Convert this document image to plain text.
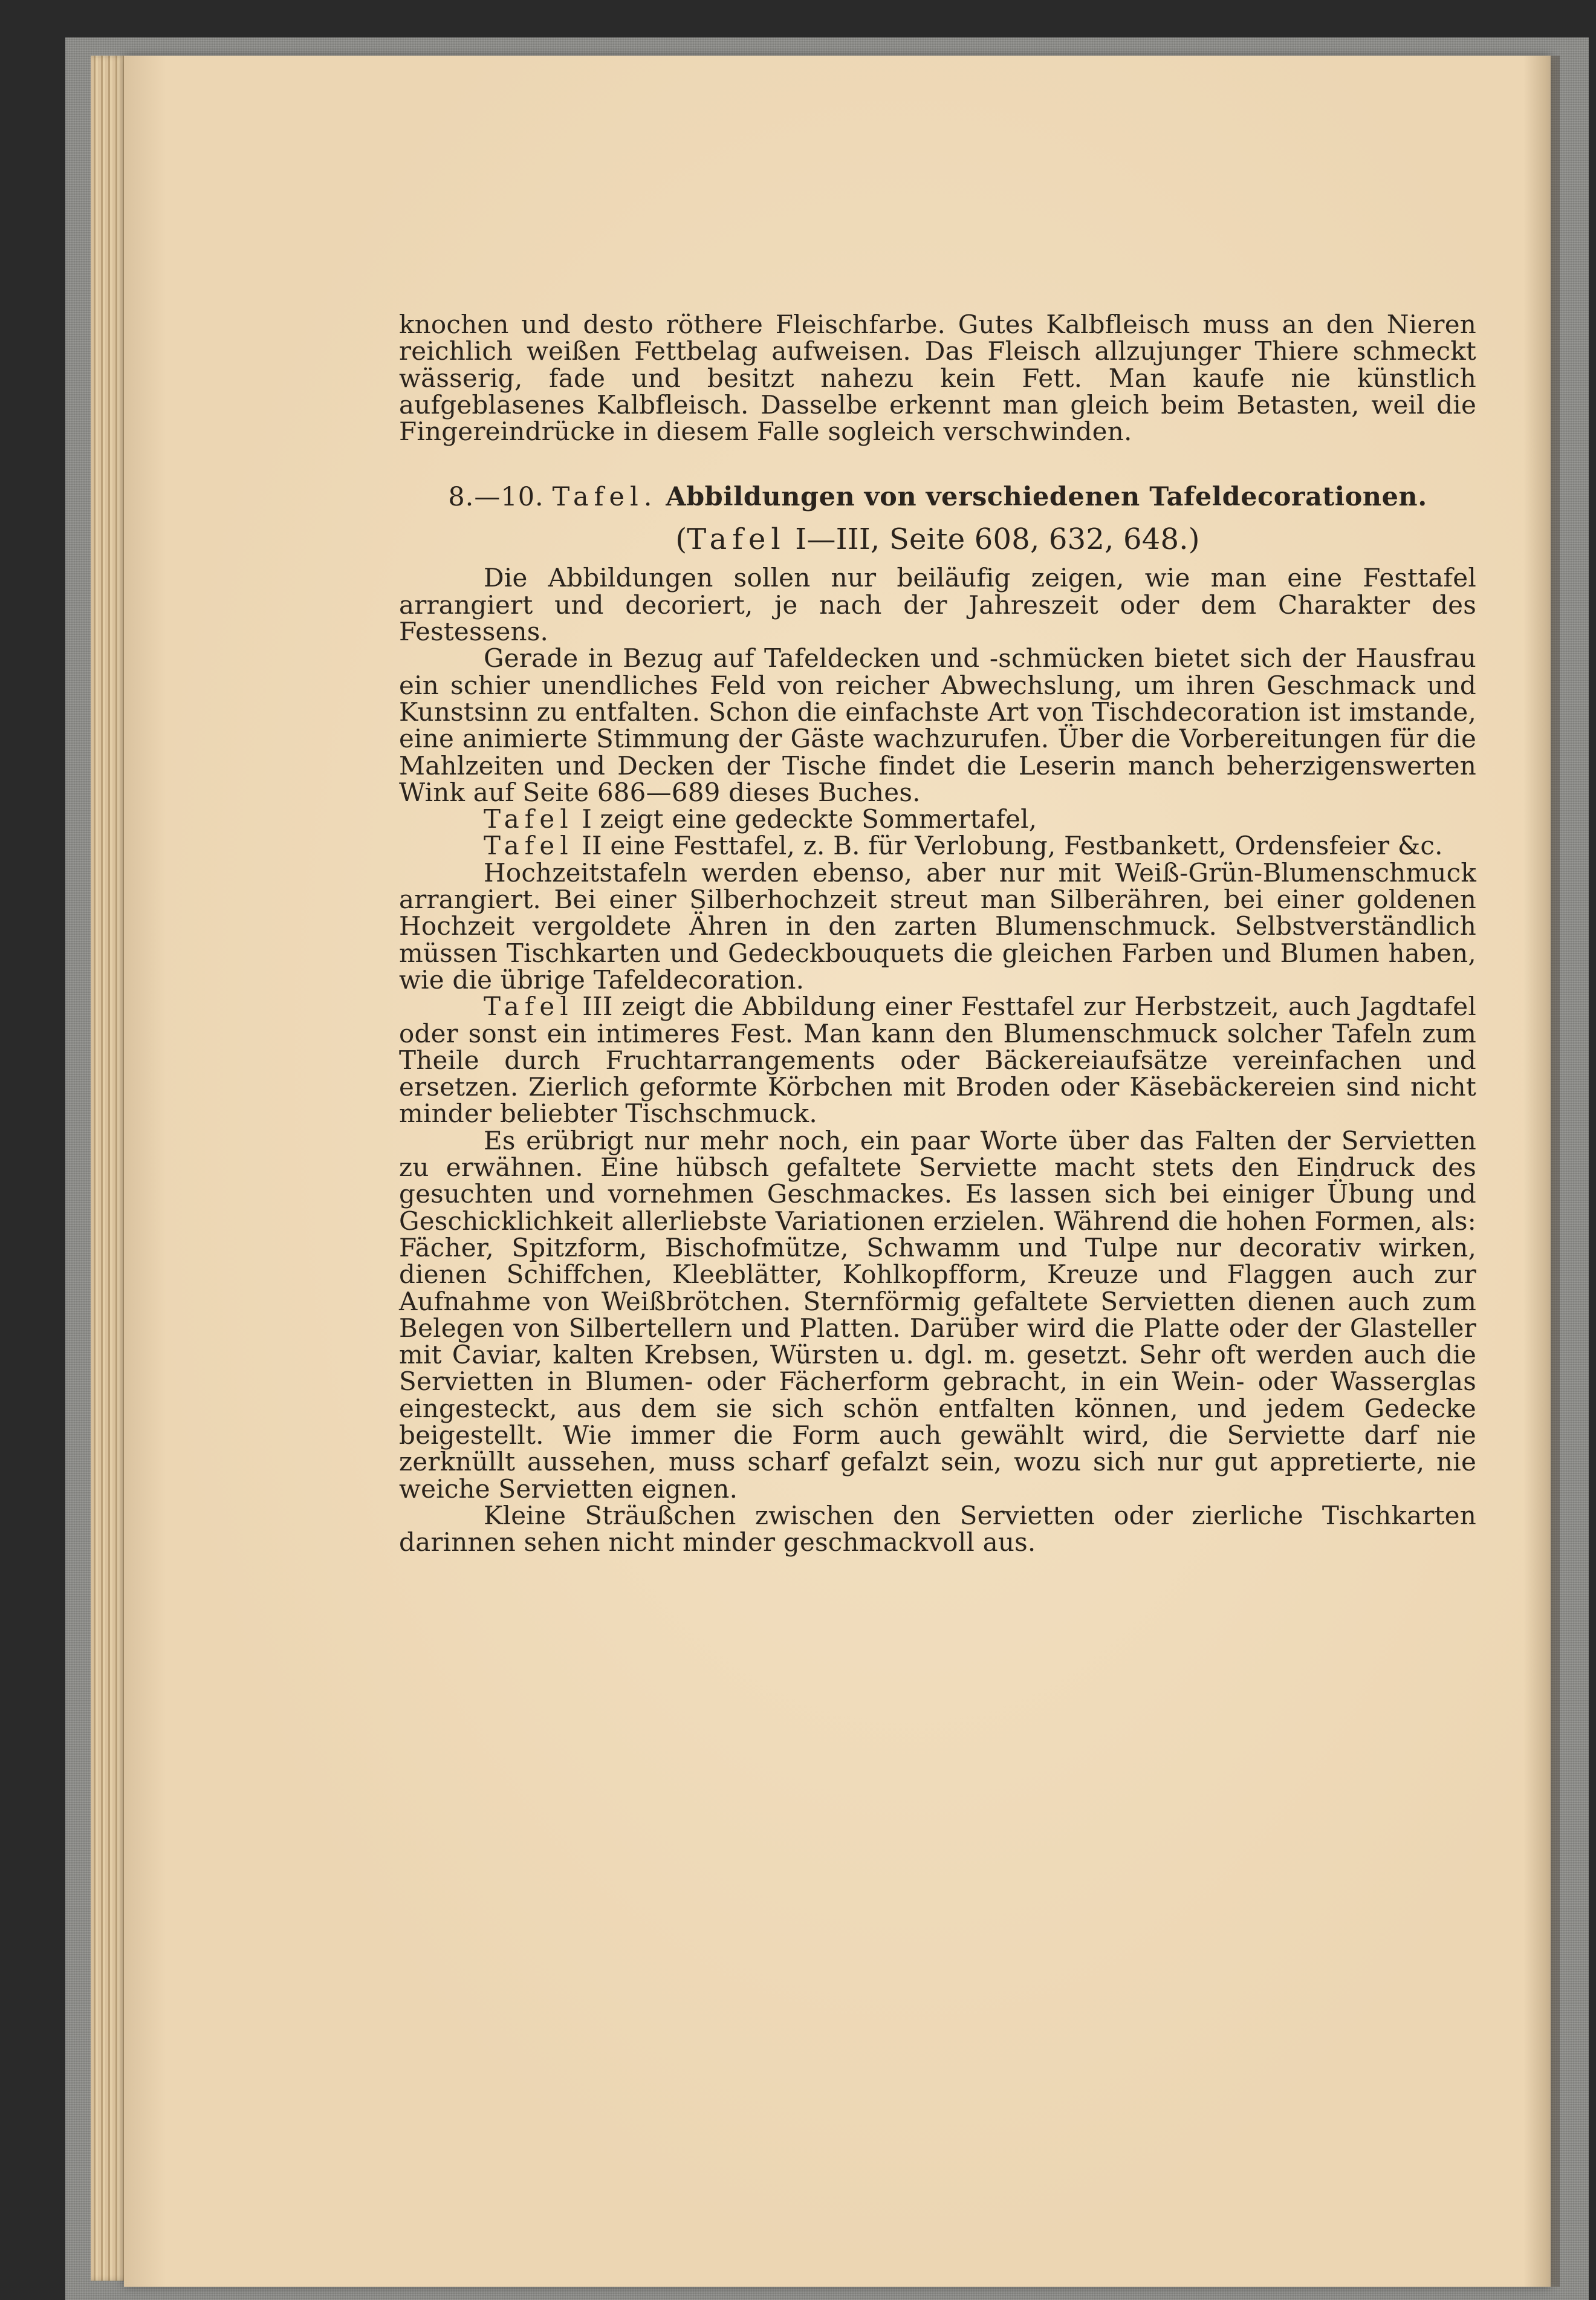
knochen und desto röthere Fleischfarbe. Gutes Kalbfleisch muss an den Nieren reichlich weißen Fettbelag aufweisen. Das Fleisch allzujunger Thiere schmeckt wässerig, fade und besitzt nahezu kein Fett. Man kaufe nie künstlich aufgeblasenes Kalbfleisch. Dasselbe erkennt man gleich beim Betasten, weil die Fingereindrücke in diesem Falle sogleich verschwinden.

8.—10. Tafel. Abbildungen von verschiedenen Tafeldecorationen.
(Tafel I—III, Seite 608, 632, 648.)

Die Abbildungen sollen nur beiläufig zeigen, wie man eine Festtafel arrangiert und decoriert, je nach der Jahreszeit oder dem Charakter des Festessens.

Gerade in Bezug auf Tafeldecken und -schmücken bietet sich der Hausfrau ein schier unendliches Feld von reicher Abwechslung, um ihren Geschmack und Kunstsinn zu entfalten. Schon die einfachste Art von Tischdecoration ist imstande, eine animierte Stimmung der Gäste wachzurufen. Über die Vorbereitungen für die Mahlzeiten und Decken der Tische findet die Leserin manch beherzigenswerten Wink auf Seite 686—689 dieses Buches.

Tafel I zeigt eine gedeckte Sommertafel,

Tafel II eine Festtafel, z. B. für Verlobung, Festbankett, Ordensfeier &c.

Hochzeitstafeln werden ebenso, aber nur mit Weiß-Grün-Blumenschmuck arrangiert. Bei einer Silberhochzeit streut man Silberähren, bei einer goldenen Hochzeit vergoldete Ähren in den zarten Blumenschmuck. Selbstverständlich müssen Tischkarten und Gedeckbouquets die gleichen Farben und Blumen haben, wie die übrige Tafeldecoration.

Tafel III zeigt die Abbildung einer Festtafel zur Herbstzeit, auch Jagdtafel oder sonst ein intimeres Fest. Man kann den Blumenschmuck solcher Tafeln zum Theile durch Fruchtarrangements oder Bäckereiaufsätze vereinfachen und ersetzen. Zierlich geformte Körbchen mit Broden oder Käsebäckereien sind nicht minder beliebter Tischschmuck.

Es erübrigt nur mehr noch, ein paar Worte über das Falten der Servietten zu erwähnen. Eine hübsch gefaltete Serviette macht stets den Eindruck des gesuchten und vornehmen Geschmackes. Es lassen sich bei einiger Übung und Geschicklichkeit allerliebste Variationen erzielen. Während die hohen Formen, als: Fächer, Spitzform, Bischofmütze, Schwamm und Tulpe nur decorativ wirken, dienen Schiffchen, Kleeblätter, Kohlkopfform, Kreuze und Flaggen auch zur Aufnahme von Weißbrötchen. Sternförmig gefaltete Servietten dienen auch zum Belegen von Silbertellern und Platten. Darüber wird die Platte oder der Glasteller mit Caviar, kalten Krebsen, Würsten u. dgl. m. gesetzt. Sehr oft werden auch die Servietten in Blumen- oder Fächerform gebracht, in ein Wein- oder Wasserglas eingesteckt, aus dem sie sich schön entfalten können, und jedem Gedecke beigestellt. Wie immer die Form auch gewählt wird, die Serviette darf nie zerknüllt aussehen, muss scharf gefalzt sein, wozu sich nur gut appretierte, nie weiche Servietten eignen.

Kleine Sträußchen zwischen den Servietten oder zierliche Tischkarten darinnen sehen nicht minder geschmackvoll aus.
